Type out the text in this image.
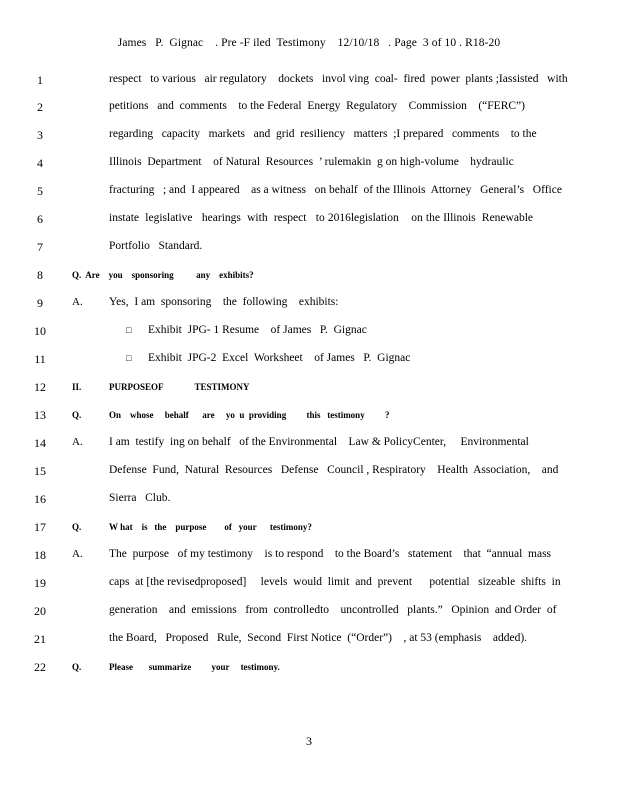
James   P.  Gignac    . Pre -F iled  Testimony    12/10/18   . Page  3 of 10 . R18-20
1	respect   to various   air regulatory    dockets   invol ving  coal-  fired  power  plants ;Iassisted   with
2	petitions   and  comments    to the Federal  Energy  Regulatory    Commission    (“FERC”)
3	regarding   capacity   markets   and  grid  resiliency   matters  ;I prepared   comments    to the
4	Illinois  Department    of Natural  Resources  ’ rulemakin  g on high-volume    hydraulic
5	fracturing   ; and  I appeared    as a witness   on behalf  of the Illinois  Attorney   General’s   Office
6	instate  legislative   hearings  with  respect   to 2016legislation    on the Illinois  Renewable
7	Portfolio   Standard.
8	Q.  Are    you    sponsoring          any    exhibits?
9	A. Yes,  I am  sponsoring    the  following    exhibits:
10	□ Exhibit  JPG- 1 Resume    of James   P.  Gignac
11	□ Exhibit  JPG-2  Excel  Worksheet    of James   P.  Gignac
12	II.	PURPOSEOF              TESTIMONY
13	Q.	On    whose     behalf      are     yo  u  providing         this   testimony         ?
14	A. I am  testify  ing on behalf   of the Environmental    Law & PolicyCenter,     Environmental
15	Defense  Fund,  Natural  Resources   Defense   Council , Respiratory    Health  Association,    and
16	Sierra   Club.
17	Q.	W hat    is   the    purpose        of   your      testimony?
18	A. The  purpose   of my testimony    is to respond    to the Board’s   statement    that  “annual  mass
19	caps  at [the revisedproposed]     levels  would  limit  and  prevent      potential   sizeable  shifts  in
20	generation    and  emissions   from  controlledto    uncontrolled   plants.”   Opinion  and Order  of
21	the Board,   Proposed   Rule,  Second  First Notice  (“Order”)    , at 53 (emphasis    added).
22	Q.	Please       summarize         your     testimony.
3
